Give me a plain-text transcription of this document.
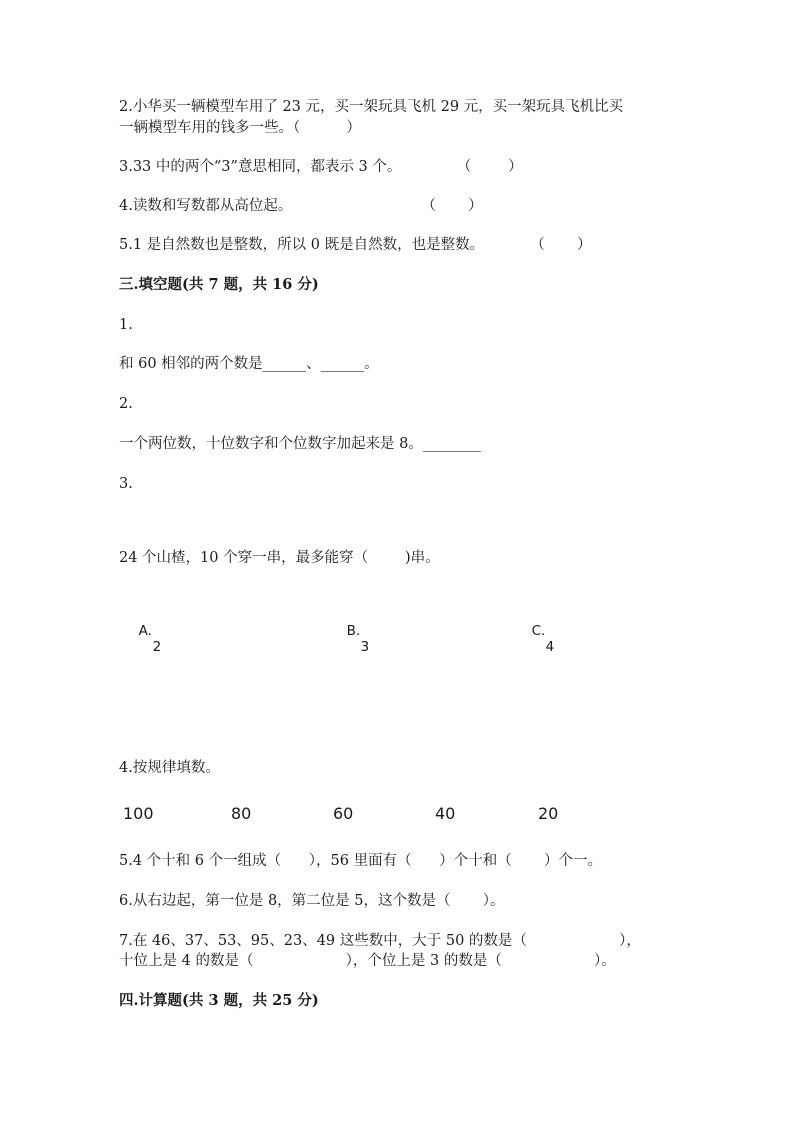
2.小华买一辆模型车用了 23 元，买一架玩具飞机 29 元，买一架玩具飞机比买
一辆模型车用的钱多一些。（          ）
3.33 中的两个“3”意思相同，都表示 3 个。            （        ）
4.读数和写数都从高位起。                            （       ）
5.1 是自然数也是整数，所以 0 既是自然数，也是整数。          （       ）
三.填空题(共 7 题，共 16 分)
1.
和 60 相邻的两个数是______、______。
2.
一个两位数，十位数字和个位数字加起来是 8。________
3.
24 个山楂，10 个穿一串，最多能穿（        )串。

A.
2

B.
3

C.
4

4.按规律填数。
100	80	60	40	20
5.4 个十和 6 个一组成（      ），56 里面有（      ）个十和（       ）个一。
6.从右边起，第一位是 8，第二位是 5，这个数是（       ）。
7.在 46、37、53、95、23、49 这些数中，大于 50 的数是（                    ），
十位上是 4 的数是（                    ），个位上是 3 的数是（                    ）。
四.计算题(共 3 题，共 25 分)
